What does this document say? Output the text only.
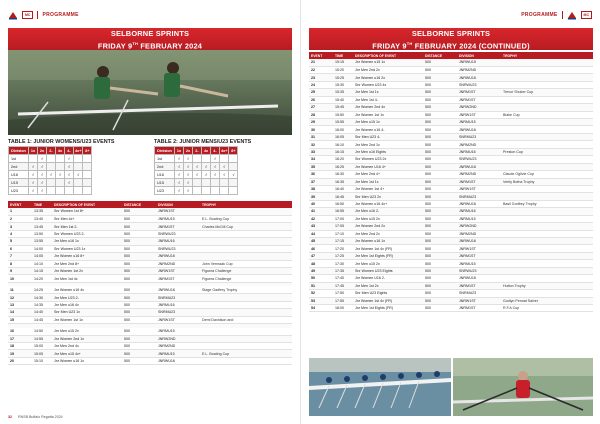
MC	PROGRAMME
SELBORNE SPRINTS
FRIDAY 9TH FEBRUARY 2024
TABLE 1: JUNIOR WOMENS/U23 EVENTS	TABLE 2: JUNIOR MENS/U23 EVENTS
Division	1x	2x	2-	4x	4-	4x+	8+
1st		√			√		
2nd	√	√			√		
U16	√	√	√	√	√	√	
U15	√	√			√		
U23	√	√					
Division	1x	2x	2-	4x	4-	4x+	8+
1st	√	√			√		
2nd	√	√	√	√	√	√	
U16	√	√	√	√	√	√	√
U15	√	√					
U23	√	√					
EVENT	TIME	DESCRIPTION OF EVENT	DISTANCE	DIVISION	TROPHY
1	13:35	Snr Women 1st 8+	500	JNRW1ST	
2	13:40	Snr Men 4x+	500	JNRMU15	E.L. Boating Cup
3	13:45	Snr Men 1st 2-	500	JNRM1ST	Charles McGill Cup
4	13:50	Snr Women U23 2-	500	SNRWU23	
5	13:55	Jnr Men u16 1x	500	JNRMU16	
6	14:00	Snr Women U23 1x	500	SNRWU23	
7	14:05	Jnr Women u16 8+	500	JNRWU16	
8	14:10	Jnr Men 2nd 8+	500	JNRM2ND	John Vermaak Cup
9	14:15	Jnr Women 1st 2x	500	JNRW1ST	Figuera Challenge
10	14:20	Jnr Men 1st 4x	500	JNRM1ST	Figuera Challenge

11	14:25	Jnr Women u16 4x	500	JNRWU16	Stage Gadfrey Trophy
12	14:30	Jnr Men U23 2-	500	SNRMU23	
13	14:35	Jnr Men u16 4x	500	JNRMU16	
14	14:40	Snr Men U23 1x	500	SNRMU23	
15	14:45	Jnr Women 1st 1x	500	JNRW1ST	Demi Davidson and

16	14:50	Jnr Men u15 2x	500	JNRMU15	
17	14:55	Jnr Women 2nd 1x	500	JNRW2ND	
18	15:00	Jnr Men 2nd 4x	500	JNRM2ND	
19	15:05	Jnr Men u15 4x+	500	JNRMU15	E.L. Boating Cup
20	15:10	Jnr Women u16 1x	500	JNRWU16	
32 RNSB Buffalo Regatta 2024
PROGRAMME	MC
SELBORNE SPRINTS
FRIDAY 9TH FEBRUARY 2024 (CONTINUED)
EVENT	TIME	DESCRIPTION OF EVENT	DISTANCE	DIVISION	TROPHY
21	15:15	Jnr Women u15 1x	500	JNRWU15	
22	15:20	Jnr Men 2nd 2x	500	JNRM2ND	
23	15:25	Jnr Women u16 2x	500	JNRWU16	
24	15:30	Snr Women U23 4x	500	SNRWU23	
25	15:35	Jnr Men 1st 1x	500	JNRM1ST	Trevor Shuker Cup
26	15:40	Jnr Men 1st 4-	500	JNRM1ST	
27	15:45	Jnr Women 2nd 4x	500	JNRW2ND	
28	15:50	Jnr Women 1st 1x	500	JNRW1ST	Blake Cup
29	15:55	Jnr Men u15 1x	500	JNRMU15	
30	16:00	Jnr Women u16 4-	500	JNRWU16	
31	16:05	Snr Men U23 4-	500	SNRMU23	
32	16:10	Jnr Men 2nd 1x	500	JNRM2ND	
33	16:15	Jnr Men u16 Eights	500	JNRMU16	Preston Cup
34	16:20	Snr Women U23 2x	500	SNRWU23	
35	16:25	Jnr Women U16 4+	500	JNRWU16	
36	16:30	Jnr Men 2nd 4+	500	JNRM2ND	Claude Ogilvie Cup
37	16:35	Jnr Men 1st 1x	500	JNRM1ST	Verity Botha Trophy
38	16:40	Jnr Women 1st 4+	500	JNRW1ST	
39	16:45	Snr Men U23 2x	500	SNRMU23	
40	16:50	Jnr Women u16 4x+	500	JNRWU16	Basil Godfrey Trophy
41	16:55	Jnr Men u16 2-	500	JNRMU16	
42	17:00	Jnr Men u15 2x	500	JNRMU15	
43	17:05	Jnr Women 2nd 2x	500	JNRW2ND	
44	17:10	Jnr Men 2nd 2x	500	JNRM2ND	
45	17:15	Jnr Women u16 1x	500	JNRWU16	
46	17:20	Jnr Women 1st 4x (FR)	500	JNRW1ST	
47	17:25	Jnr Men 1st Eights (FR)	500	JNRM1ST	
48	17:30	Jnr Men u15 2x	500	JNRMU15	
49	17:35	Snr Women U23 Eights	500	SNRWU23	
50	17:40	Jnr Women U16 2-	500	JNRWU16	
51	17:45	Jnr Men 1st 2x	500	JNRM1ST	Hutton Trophy
52	17:50	Snr Men U23 Eights	500	SNRMU23	
53	17:55	Jnr Women 1st 4x (FR)	500	JNRW1ST	Godlyn Pennat Salver
54	18:00	Jnr Men 1st Eights (FR)	500	JNRM1ST	R.F.A Cup
